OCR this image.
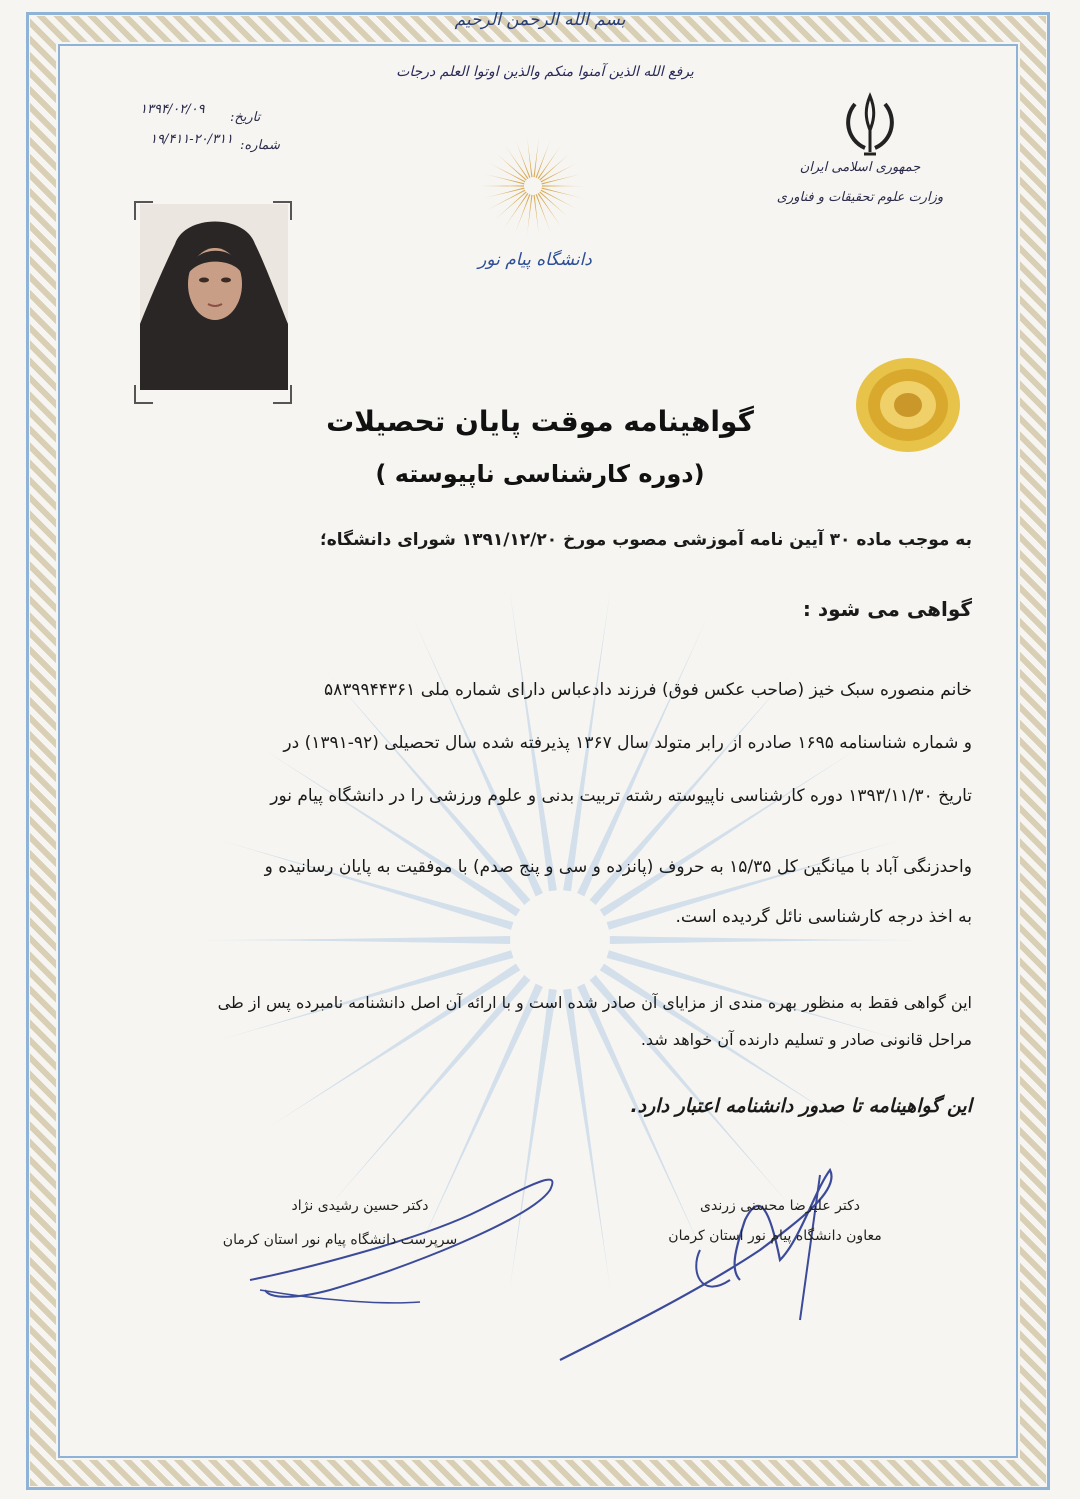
بسم الله الرحمن الرحیم
یرفع الله الذین آمنوا منکم والذین اوتوا العلم درجات
جمهوری اسلامی ایران
وزارت علوم تحقیقات و فناوری
تاریخ:
۱۳۹۴/۰۲/۰۹
شماره:
۱۹/۴۱۱-۲۰/۳۱۱
دانشگاه پیام نور
گواهینامه موقت پایان تحصیلات
(دوره کارشناسی ناپیوسته )
به موجب ماده ۳۰ آیین نامه آموزشی مصوب مورخ ۱۳۹۱/۱۲/۲۰ شورای دانشگاه؛
گواهی می شود :
خانم منصوره سبک خیز (صاحب عکس فوق) فرزند دادعباس دارای شماره ملی ۵۸۳۹۹۴۴۳۶۱
و شماره شناسنامه ۱۶۹۵ صادره از رابر متولد سال ۱۳۶۷ پذیرفته شده سال تحصیلی (۹۲-۱۳۹۱) در
تاریخ ۱۳۹۳/۱۱/۳۰ دوره کارشناسی ناپیوسته رشته تربیت بدنی و علوم ورزشی را در دانشگاه پیام نور
واحدزنگی آباد با میانگین کل ۱۵/۳۵ به حروف (پانزده و سی و پنج صدم) با موفقیت به پایان رسانیده و
به اخذ درجه کارشناسی نائل گردیده است.
این گواهی فقط به منظور بهره مندی از مزایای آن صادر شده است و با ارائه آن اصل دانشنامه نامبرده پس از طی
مراحل قانونی صادر و تسلیم دارنده آن خواهد شد.
این گواهینامه تا صدور دانشنامه اعتبار دارد.
دکتر علیرضا محسنی زرندی
معاون دانشگاه پیام نور استان کرمان
دکتر حسین رشیدی نژاد
سرپرست دانشگاه پیام نور استان کرمان
